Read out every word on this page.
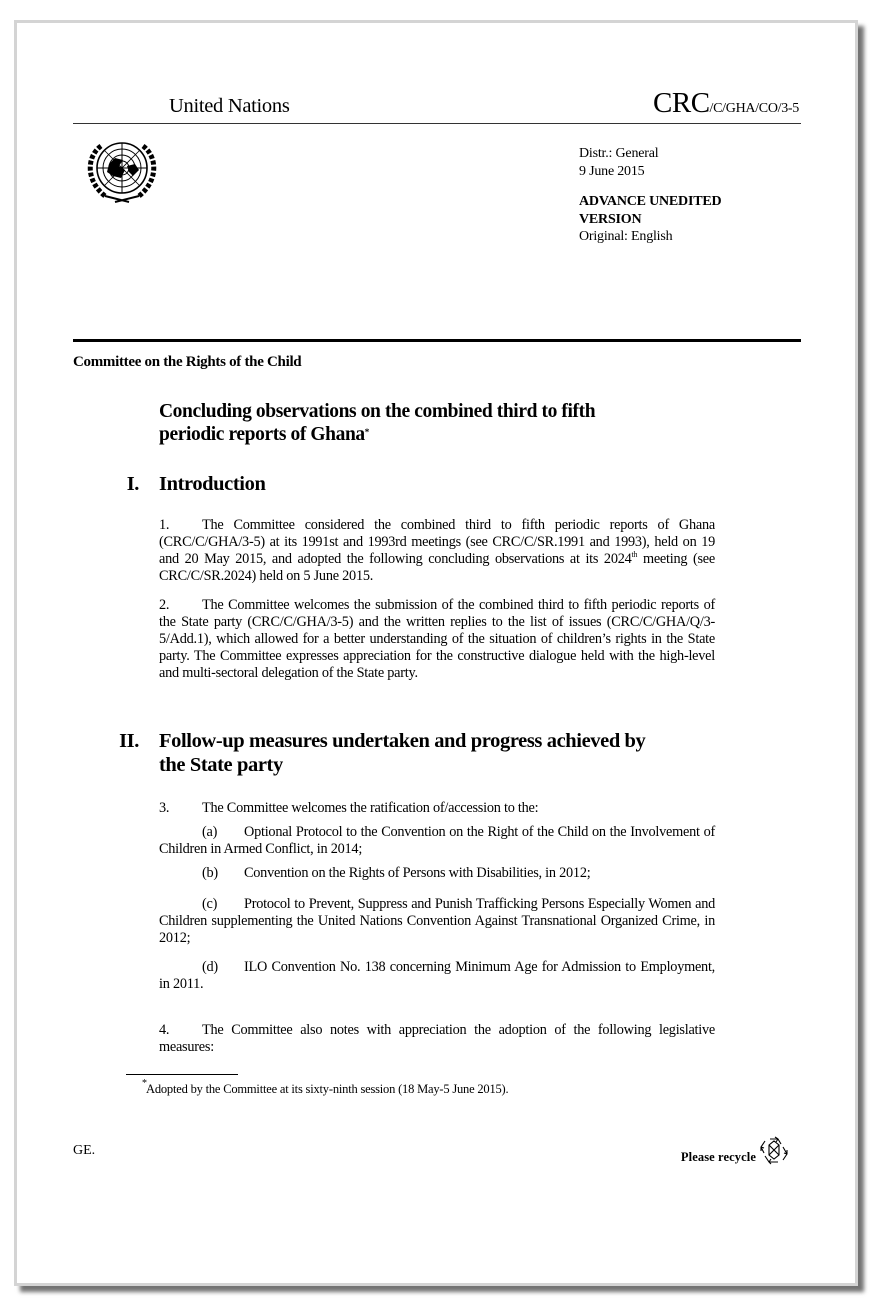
United Nations	CRC/C/GHA/CO/3-5
Distr.: General
9 June 2015
ADVANCE UNEDITED
VERSION
Original: English
Committee on the Rights of the Child
Concluding observations on the combined third to fifth
periodic reports of Ghana*
I. Introduction
1. The Committee considered the combined third to fifth periodic reports of Ghana (CRC/C/GHA/3-5) at its 1991st and 1993rd meetings (see CRC/C/SR.1991 and 1993), held on 19 and 20 May 2015, and adopted the following concluding observations at its 2024th meeting (see CRC/C/SR.2024) held on 5 June 2015.
2. The Committee welcomes the submission of the combined third to fifth periodic reports of the State party (CRC/C/GHA/3-5) and the written replies to the list of issues (CRC/C/GHA/Q/3-5/Add.1), which allowed for a better understanding of the situation of children’s rights in the State party. The Committee expresses appreciation for the constructive dialogue held with the high-level and multi-sectoral delegation of the State party.
II. Follow-up measures undertaken and progress achieved by
the State party
3. The Committee welcomes the ratification of/accession to the:
(a) Optional Protocol to the Convention on the Right of the Child on the Involvement of Children in Armed Conflict, in 2014;
(b) Convention on the Rights of Persons with Disabilities, in 2012;
(c) Protocol to Prevent, Suppress and Punish Trafficking Persons Especially Women and Children supplementing the United Nations Convention Against Transnational Organized Crime, in 2012;
(d) ILO Convention No. 138 concerning Minimum Age for Admission to Employment, in 2011.
4. The Committee also notes with appreciation the adoption of the following legislative measures:
* Adopted by the Committee at its sixty-ninth session (18 May-5 June 2015).
GE.	Please recycle
